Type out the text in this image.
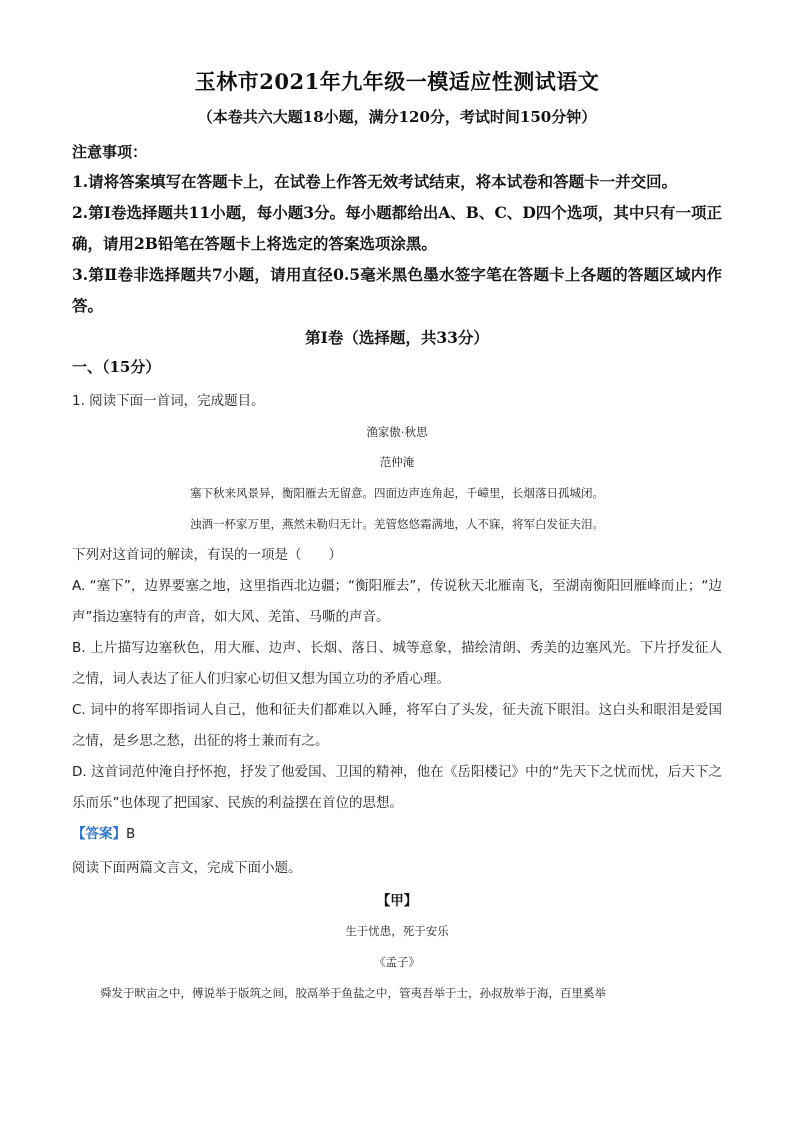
玉林市2021年九年级一模适应性测试语文
（本卷共六大题18小题，满分120分，考试时间150分钟）
注意事项：
1.请将答案填写在答题卡上，在试卷上作答无效考试结束，将本试卷和答题卡一并交回。
2.第Ⅰ卷选择题共11小题，每小题3分。每小题都给出A、B、C、D四个选项，其中只有一项正确，请用2B铅笔在答题卡上将选定的答案选项涂黑。
3.第Ⅱ卷非选择题共7小题，请用直径0.5毫米黑色墨水签字笔在答题卡上各题的答题区域内作答。
第Ⅰ卷（选择题，共33分）
一、（15分）
1. 阅读下面一首词，完成题目。
渔家傲·秋思
范仲淹
塞下秋来风景异，衡阳雁去无留意。四面边声连角起，千嶂里，长烟落日孤城闭。
浊酒一杯家万里，燕然未勒归无计。羌管悠悠霜满地，人不寐，将军白发征夫泪。
下列对这首词的解读，有误的一项是（　　）
A. “塞下”，边界要塞之地，这里指西北边疆；“衡阳雁去”，传说秋天北雁南飞，至湖南衡阳回雁峰而止；“边声”指边塞特有的声音，如大风、羌笛、马嘶的声音。
B. 上片描写边塞秋色，用大雁、边声、长烟、落日、城等意象，描绘清朗、秀美的边塞风光。下片抒发征人之情，词人表达了征人们归家心切但又想为国立功的矛盾心理。
C. 词中的将军即指词人自己，他和征夫们都难以入睡，将军白了头发，征夫流下眼泪。这白头和眼泪是爱国之情，是乡思之愁，出征的将士兼而有之。
D. 这首词范仲淹自抒怀抱，抒发了他爱国、卫国的精神，他在《岳阳楼记》中的“先天下之忧而忧，后天下之乐而乐”也体现了把国家、民族的利益摆在首位的思想。
【答案】B
阅读下面两篇文言文，完成下面小题。
【甲】
生于忧患，死于安乐
《孟子》
舜发于畎亩之中，傅说举于版筑之间，胶鬲举于鱼盐之中，管夷吾举于士，孙叔敖举于海，百里奚举
